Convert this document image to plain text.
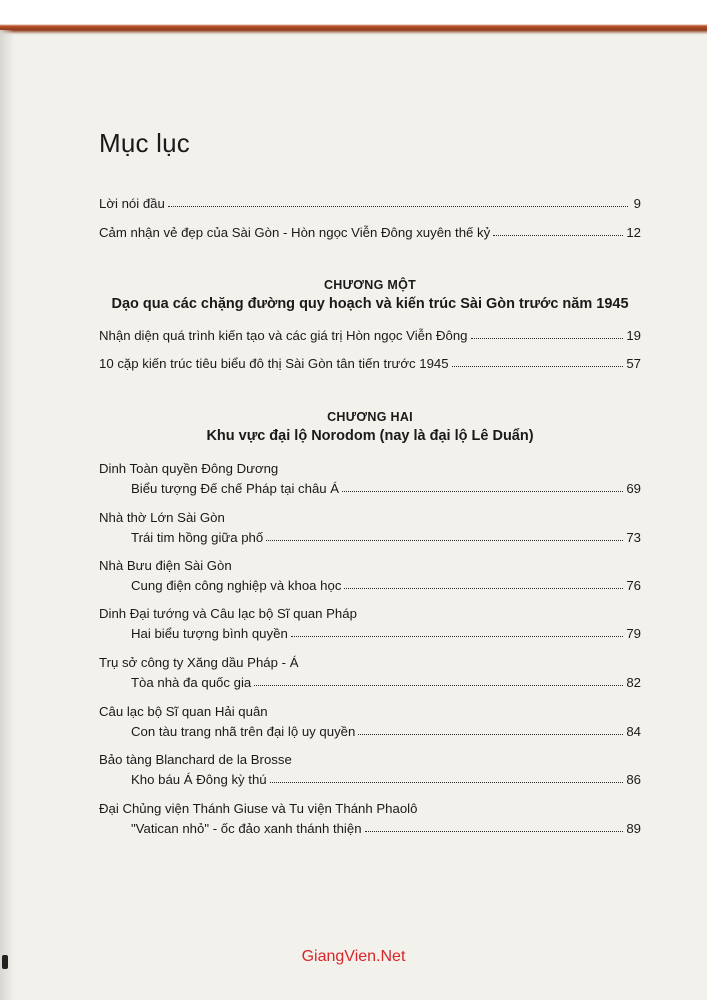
Mục lục
Lời nói đầu	9
Cảm nhận vẻ đẹp của Sài Gòn - Hòn ngọc Viễn Đông xuyên thế kỷ	12

CHƯƠNG MỘT

Dạo qua các chặng đường quy hoạch và kiến trúc Sài Gòn trước năm 1945

Nhận diện quá trình kiến tạo và các giá trị Hòn ngọc Viễn Đông	19
10 cặp kiến trúc tiêu biểu đô thị Sài Gòn tân tiến trước 1945	57

CHƯƠNG HAI

Khu vực đại lộ Norodom (nay là đại lộ Lê Duẩn)

Dinh Toàn quyền Đông Dương
Biểu tượng Đế chế Pháp tại châu Á	69
Nhà thờ Lớn Sài Gòn
Trái tim hồng giữa phố	73
Nhà Bưu điện Sài Gòn
Cung điện công nghiệp và khoa học	76
Dinh Đại tướng và Câu lạc bộ Sĩ quan Pháp
Hai biểu tượng bình quyền	79
Trụ sở công ty Xăng dầu Pháp - Á
Tòa nhà đa quốc gia	82
Câu lạc bộ Sĩ quan Hải quân
Con tàu trang nhã trên đại lộ uy quyền	84
Bảo tàng Blanchard de la Brosse
Kho báu Á Đông kỳ thú	86
Đại Chủng viện Thánh Giuse và Tu viện Thánh Phaolô
"Vatican nhỏ" - ốc đảo xanh thánh thiện	89
GiangVien.Net
